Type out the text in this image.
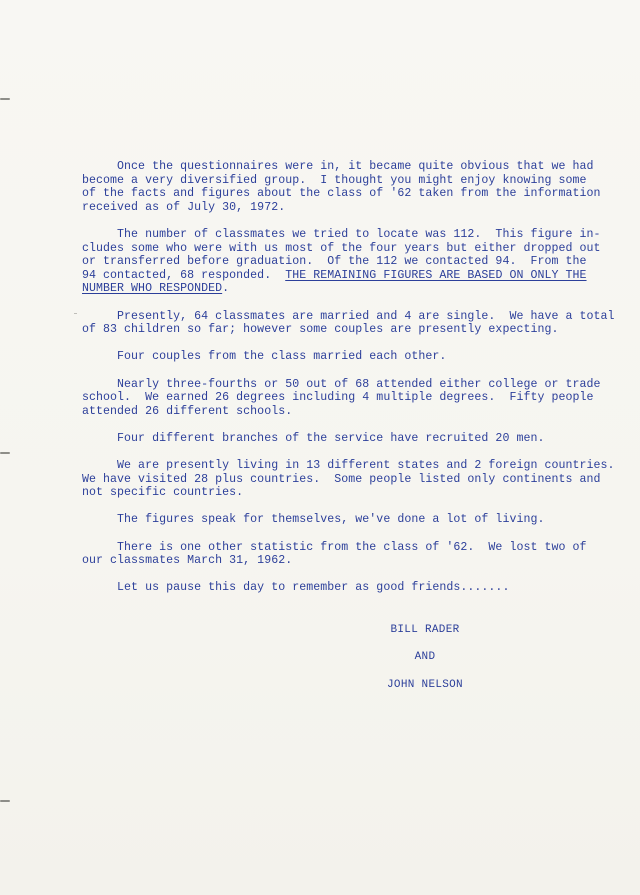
Once the questionnaires were in, it became quite obvious that we had
become a very diversified group.  I thought you might enjoy knowing some
of the facts and figures about the class of '62 taken from the information
received as of July 30, 1972.
The number of classmates we tried to locate was 112.  This figure in-
cludes some who were with us most of the four years but either dropped out
or transferred before graduation.  Of the 112 we contacted 94.  From the
94 contacted, 68 responded.  THE REMAINING FIGURES ARE BASED ON ONLY THE
NUMBER WHO RESPONDED.
Presently, 64 classmates are married and 4 are single.  We have a total
of 83 children so far; however some couples are presently expecting.
Four couples from the class married each other.
Nearly three-fourths or 50 out of 68 attended either college or trade
school.  We earned 26 degrees including 4 multiple degrees.  Fifty people
attended 26 different schools.
Four different branches of the service have recruited 20 men.
We are presently living in 13 different states and 2 foreign countries.
We have visited 28 plus countries.  Some people listed only continents and
not specific countries.
The figures speak for themselves, we've done a lot of living.
There is one other statistic from the class of '62.  We lost two of
our classmates March 31, 1962.
Let us pause this day to remember as good friends.......
BILL RADER
AND
JOHN NELSON
